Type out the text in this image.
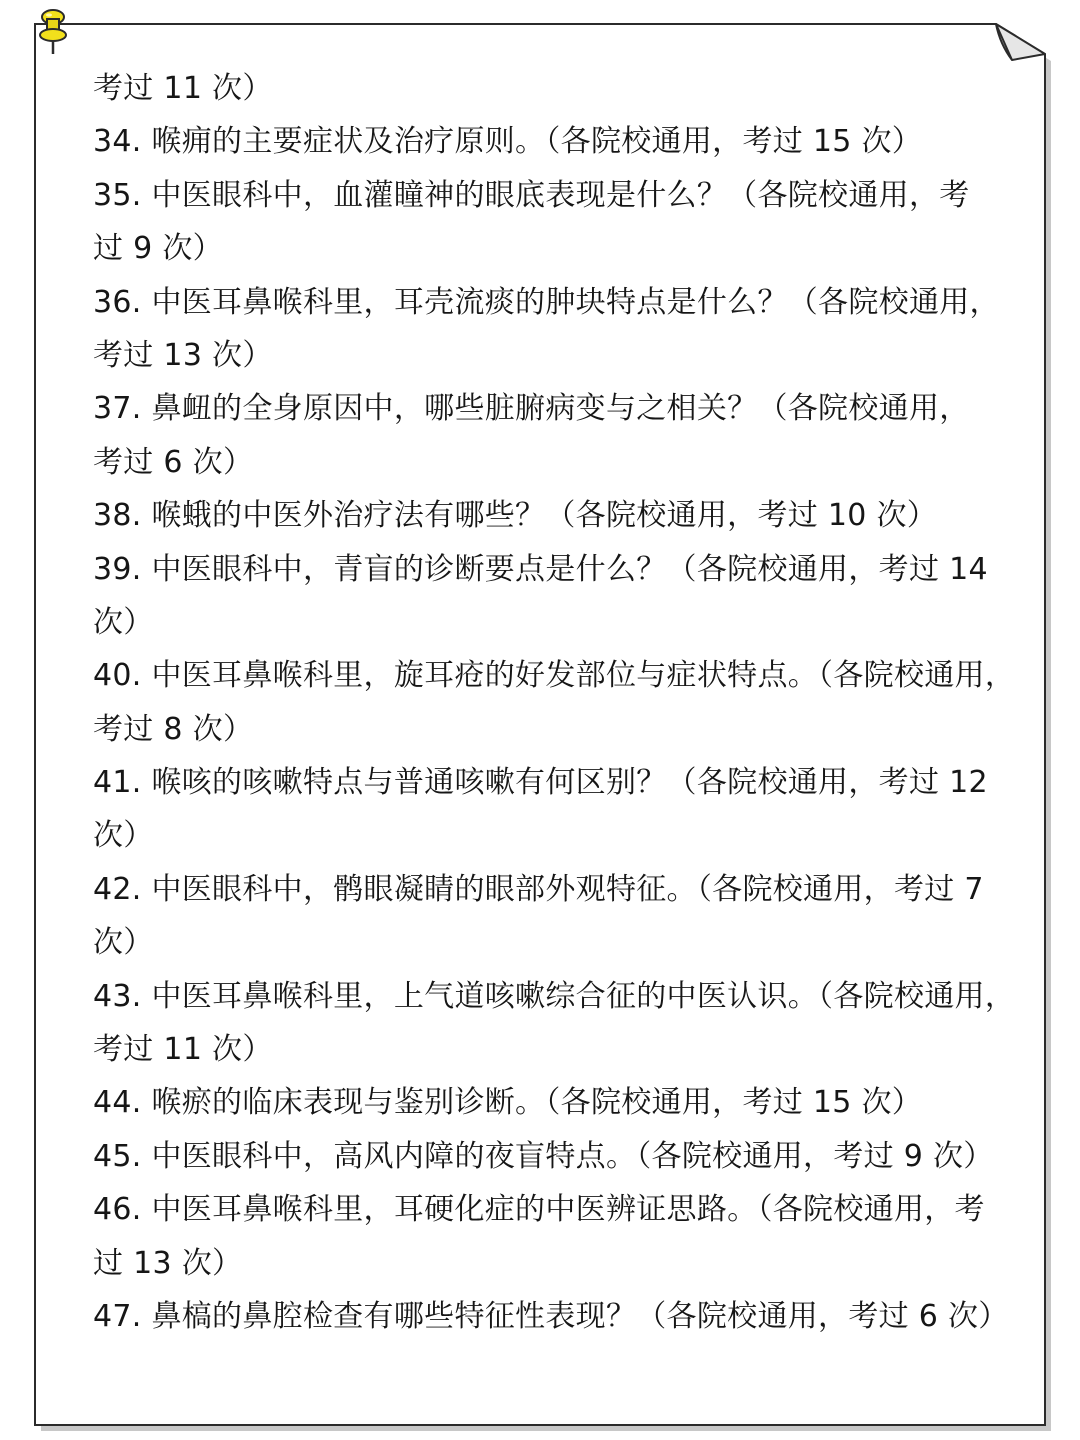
考过 11 次）
34. 喉痈的主要症状及治疗原则。（各院校通用，考过 15 次）
35. 中医眼科中，血灌瞳神的眼底表现是什么？（各院校通用，考
过 9 次）
36. 中医耳鼻喉科里，耳壳流痰的肿块特点是什么？（各院校通用，
考过 13 次）
37. 鼻衄的全身原因中，哪些脏腑病变与之相关？（各院校通用，
考过 6 次）
38. 喉蛾的中医外治疗法有哪些？（各院校通用，考过 10 次）
39. 中医眼科中，青盲的诊断要点是什么？（各院校通用，考过 14
次）
40. 中医耳鼻喉科里，旋耳疮的好发部位与症状特点。（各院校通用，
考过 8 次）
41. 喉咳的咳嗽特点与普通咳嗽有何区别？（各院校通用，考过 12
次）
42. 中医眼科中，鹘眼凝睛的眼部外观特征。（各院校通用，考过 7
次）
43. 中医耳鼻喉科里，上气道咳嗽综合征的中医认识。（各院校通用，
考过 11 次）
44. 喉瘀的临床表现与鉴别诊断。（各院校通用，考过 15 次）
45. 中医眼科中，高风内障的夜盲特点。（各院校通用，考过 9 次）
46. 中医耳鼻喉科里，耳硬化症的中医辨证思路。（各院校通用，考
过 13 次）
47. 鼻槁的鼻腔检查有哪些特征性表现？（各院校通用，考过 6 次）
